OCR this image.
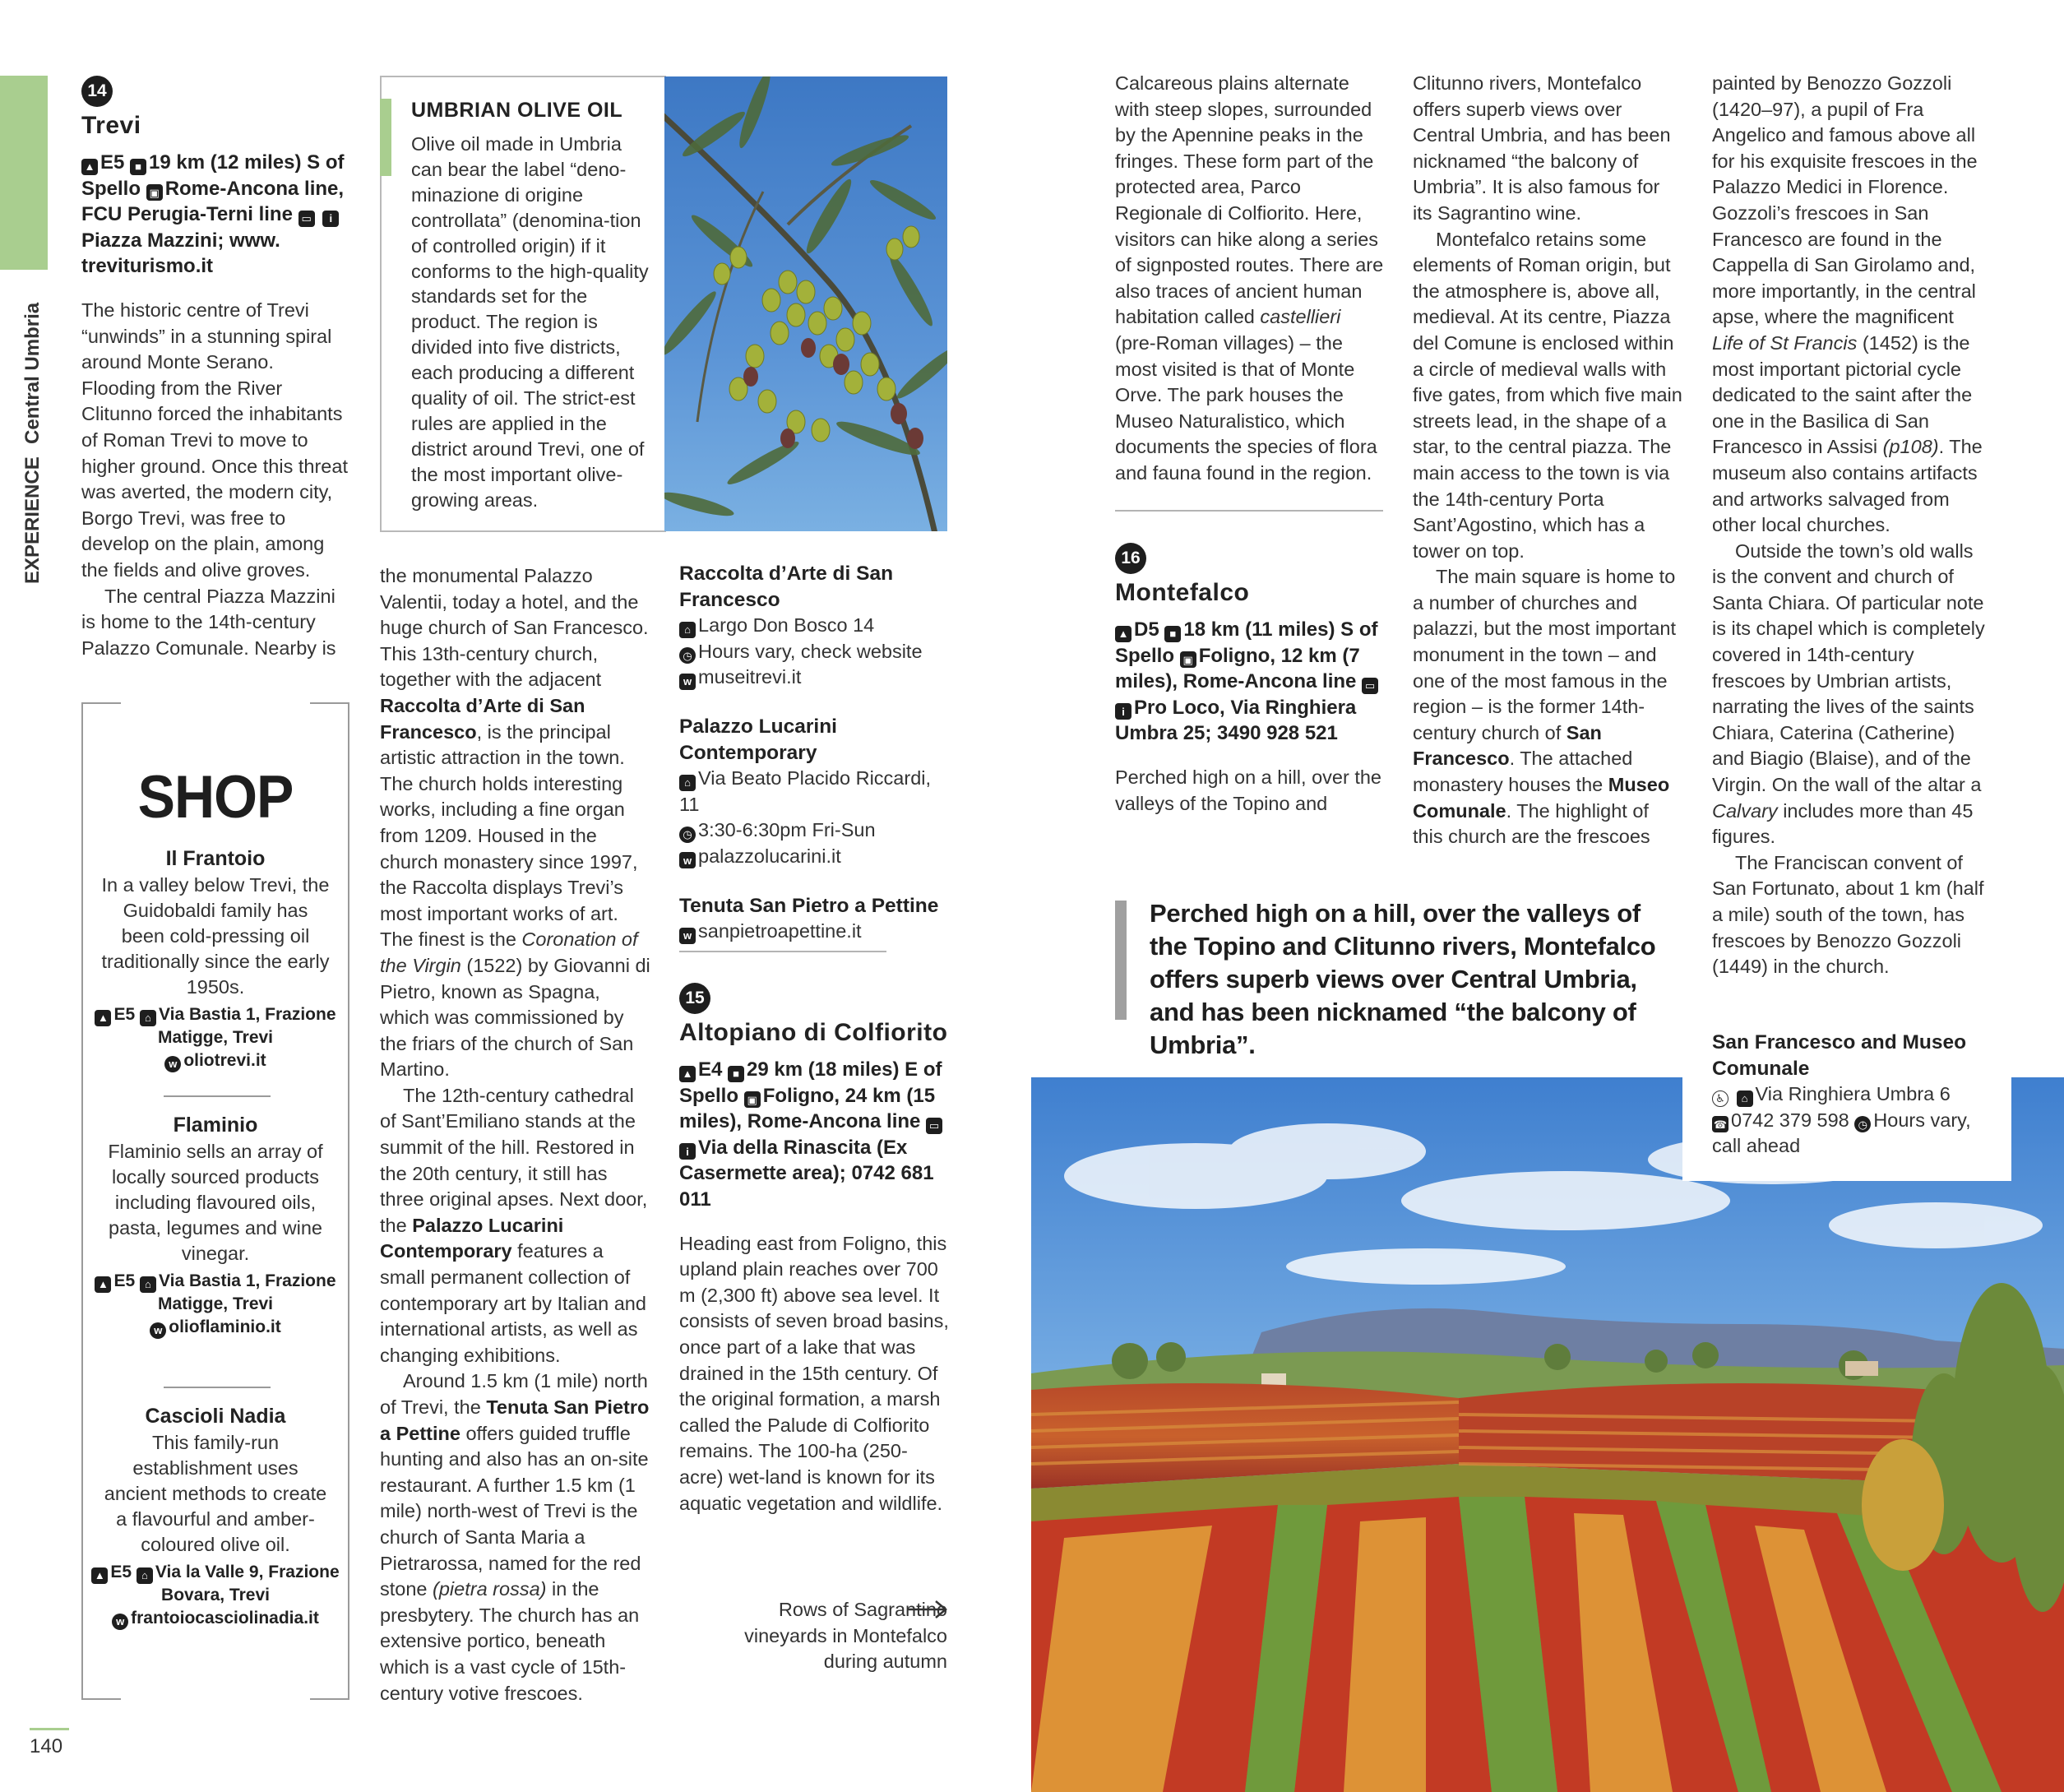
EXPERIENCE  Central Umbria
140
14
Trevi
▲ E5 ■ 19 km (12 miles) S of Spello ▣ Rome-Ancona line, FCU Perugia-Terni line ▭ iPiazza Mazzini; www. treviturismo.it

The historic centre of Trevi “unwinds” in a stunning spiral around Monte Serano. Flooding from the River Clitunno forced the inhabitants of Roman Trevi to move to higher ground. Once this threat was averted, the modern city, Borgo Trevi, was free to develop on the plain, among the fields and olive groves.

The central Piazza Mazzini is home to the 14th-century Palazzo Comunale. Nearby is

SHOP
Il Frantoio
In a valley below Trevi, the Guidobaldi family has been cold-pressing oil traditionally since the early 1950s.
▲ E5 ⌂ Via Bastia 1, Frazione Matigge, Trevi
w oliotrevi.it
Flaminio
Flaminio sells an array of locally sourced products including flavoured oils, pasta, legumes and wine vinegar.
▲ E5 ⌂ Via Bastia 1, Frazione Matigge, Trevi
w olioflaminio.it
Cascioli Nadia
This family-run establishment uses ancient methods to create a flavourful and amber-coloured olive oil.
▲ E5 ⌂ Via la Valle 9, Frazione Bovara, Trevi
w frantoiocasciolinadia.it
UMBRIAN OLIVE OIL
Olive oil made in Umbria can bear the label “deno-minazione di origine controllata” (denomina-tion of controlled origin) if it conforms to the high-quality standards set for the product. The region is divided into five districts, each producing a different quality of oil. The strict-est rules are applied in the district around Trevi, one of the most important olive-growing areas.

the monumental Palazzo Valentii, today a hotel, and the huge church of San Francesco. This 13th-century church, together with the adjacent Raccolta d’Arte di San Francesco, is the principal artistic attraction in the town. The church holds interesting works, including a fine organ from 1209. Housed in the church monastery since 1997, the Raccolta displays Trevi’s most important works of art. The finest is the Coronation of the Virgin (1522) by Giovanni di Pietro, known as Spagna, which was commissioned by the friars of the church of San Martino.

The 12th-century cathedral of Sant’Emiliano stands at the summit of the hill. Restored in the 20th century, it still has three original apses. Next door, the Palazzo Lucarini Contemporary features a small permanent collection of contemporary art by Italian and international artists, as well as changing exhibitions.

Around 1.5 km (1 mile) north of Trevi, the Tenuta San Pietro a Pettine offers guided truffle hunting and also has an on-site restaurant. A further 1.5 km (1 mile) north-west of Trevi is the church of Santa Maria a Pietrarossa, named for the red stone (pietra rossa) in the presbytery. The church has an extensive portico, beneath which is a vast cycle of 15th-century votive frescoes.

Raccolta d’Arte di San Francesco
⌂ Largo Don Bosco 14
◷ Hours vary, check website
w museitrevi.it
Palazzo Lucarini Contemporary
⌂ Via Beato Placido Riccardi, 11
◷ 3:30-6:30pm Fri-Sun
w palazzolucarini.it
Tenuta San Pietro a Pettine
w sanpietroapettine.it
15
Altopiano di Colfiorito
▲ E4 ■ 29 km (18 miles) E of Spello ▣ Foligno, 24 km (15 miles), Rome-Ancona line ▭ i Via della Rinascita (Ex Casermette area); 0742 681 011

Heading east from Foligno, this upland plain reaches over 700 m (2,300 ft) above sea level. It consists of seven broad basins, once part of a lake that was drained in the 15th century. Of the original formation, a marsh called the Palude di Colfiorito remains. The 100-ha (250-acre) wet-land is known for its aquatic vegetation and wildlife.

Rows of Sagrantino vineyards in Montefalco during autumn

Calcareous plains alternate with steep slopes, surrounded by the Apennine peaks in the fringes. These form part of the protected area, Parco Regionale di Colfiorito. Here, visitors can hike along a series of signposted routes. There are also traces of ancient human habitation called castellieri (pre-Roman villages) – the most visited is that of Monte Orve. The park houses the Museo Naturalistico, which documents the species of flora and fauna found in the region.

16
Montefalco
▲ D5 ■ 18 km (11 miles) S of Spello ▣ Foligno, 12 km (7 miles), Rome-Ancona line ▭ i Pro Loco, Via Ringhiera Umbra 25; 3490 928 521

Perched high on a hill, over the valleys of the Topino and

Clitunno rivers, Montefalco offers superb views over Central Umbria, and has been nicknamed “the balcony of Umbria”. It is also famous for its Sagrantino wine.

Montefalco retains some elements of Roman origin, but the atmosphere is, above all, medieval. At its centre, Piazza del Comune is enclosed within a circle of medieval walls with five gates, from which five main streets lead, in the shape of a star, to the central piazza. The main access to the town is via the 14th-century Porta Sant’Agostino, which has a tower on top.

The main square is home to a number of churches and palazzi, but the most important monument in the town – and one of the most famous in the region – is the former 14th-century church of San Francesco. The attached monastery houses the Museo Comunale. The highlight of this church are the frescoes

painted by Benozzo Gozzoli (1420–97), a pupil of Fra Angelico and famous above all for his exquisite frescoes in the Palazzo Medici in Florence. Gozzoli’s frescoes in San Francesco are found in the Cappella di San Girolamo and, more importantly, in the central apse, where the magnificent Life of St Francis (1452) is the most important pictorial cycle dedicated to the saint after the one in the Basilica di San Francesco in Assisi (p108). The museum also contains artifacts and artworks salvaged from other local churches.

Outside the town’s old walls is the convent and church of Santa Chiara. Of particular note is its chapel which is completely covered in 14th-century frescoes by Umbrian artists, narrating the lives of the saints Chiara, Caterina (Catherine) and Biagio (Blaise), and of the Virgin. On the wall of the altar a Calvary includes more than 45 figures.

The Franciscan convent of San Fortunato, about 1 km (half a mile) south of the town, has frescoes by Benozzo Gozzoli (1449) in the church.

Perched high on a hill, over the valleys of the Topino and Clitunno rivers, Montefalco offers superb views over Central Umbria, and has been nicknamed “the balcony of Umbria”.	San Francesco and Museo Comunale
♿ ⌂ Via Ringhiera Umbra 6
☎ 0742 379 598 ◷ Hours vary, call ahead
